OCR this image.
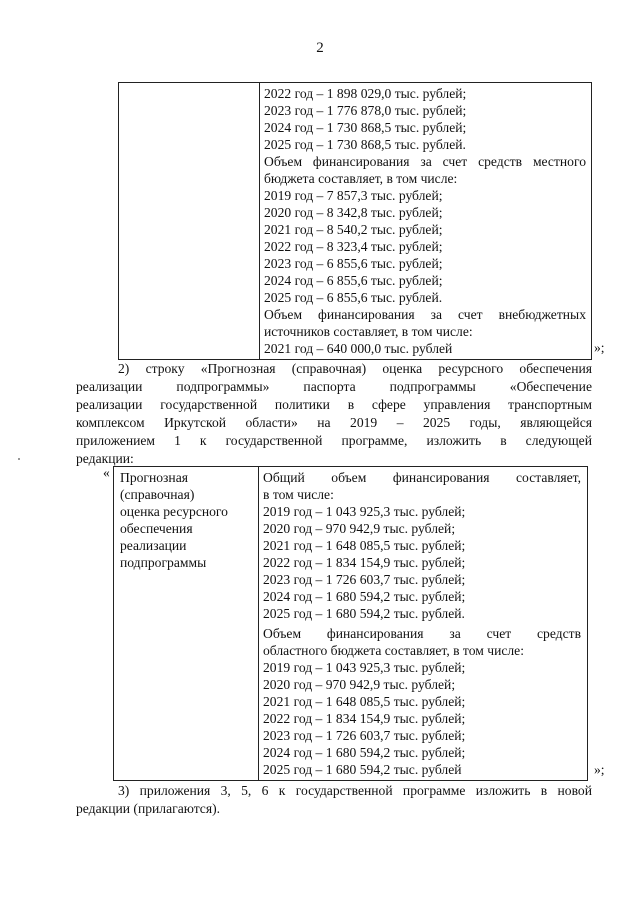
2
2022 год – 1 898 029,0 тыс. рублей;
2023 год – 1 776 878,0 тыс. рублей;
2024 год – 1 730 868,5 тыс. рублей;
2025 год – 1 730 868,5 тыс. рублей.
Объем финансирования за счет средств местного
бюджета составляет, в том числе:
2019 год – 7 857,3 тыс. рублей;
2020 год – 8 342,8 тыс. рублей;
2021 год – 8 540,2 тыс. рублей;
2022 год – 8 323,4 тыс. рублей;
2023 год – 6 855,6 тыс. рублей;
2024 год – 6 855,6 тыс. рублей;
2025 год – 6 855,6 тыс. рублей.
Объем финансирования за счет внебюджетных
источников составляет, в том числе:
2021 год – 640 000,0 тыс. рублей	»;
2) строку «Прогнозная (справочная) оценка ресурсного обеспечения
реализации подпрограммы» паспорта подпрограммы «Обеспечение
реализации государственной политики в сфере управления транспортным
комплексом Иркутской области» на 2019 – 2025 годы, являющейся
приложением 1 к государственной программе, изложить в следующей
редакции:
« Прогнозная
(справочная)
оценка ресурсного
обеспечения
реализации
подпрограммы
Общий объем финансирования составляет,
в том числе:
2019 год – 1 043 925,3 тыс. рублей;
2020 год – 970 942,9 тыс. рублей;
2021 год – 1 648 085,5 тыс. рублей;
2022 год – 1 834 154,9 тыс. рублей;
2023 год – 1 726 603,7 тыс. рублей;
2024 год – 1 680 594,2 тыс. рублей;
2025 год – 1 680 594,2 тыс. рублей.
Объем финансирования за счет средств
областного бюджета составляет, в том числе:
2019 год – 1 043 925,3 тыс. рублей;
2020 год – 970 942,9 тыс. рублей;
2021 год – 1 648 085,5 тыс. рублей;
2022 год – 1 834 154,9 тыс. рублей;
2023 год – 1 726 603,7 тыс. рублей;
2024 год – 1 680 594,2 тыс. рублей;
2025 год – 1 680 594,2 тыс. рублей	»;
3) приложения 3, 5, 6 к государственной программе изложить в новой
редакции (прилагаются).
